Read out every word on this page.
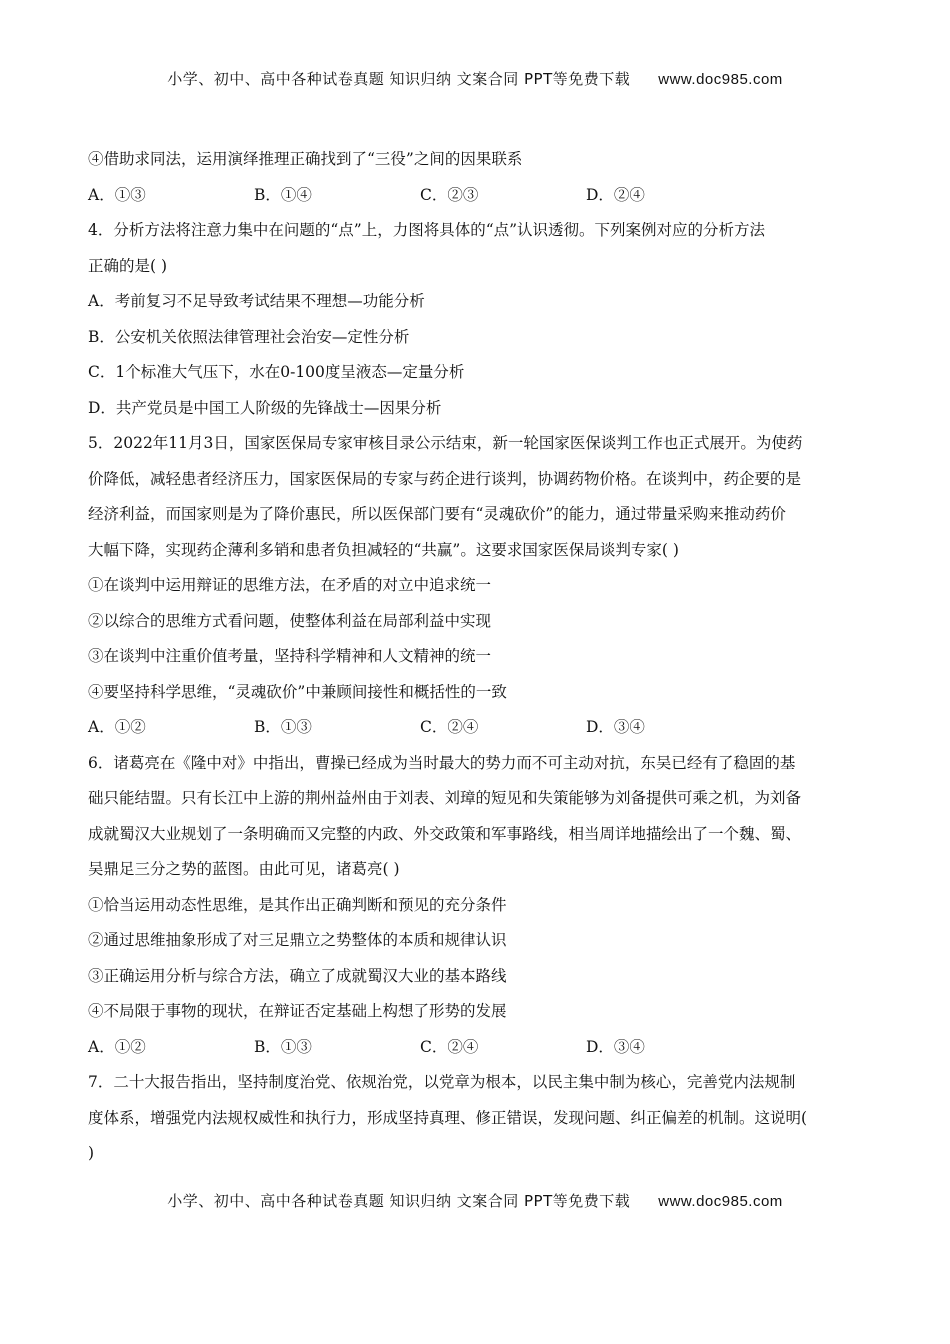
小学、初中、高中各种试卷真题 知识归纳 文案合同 PPT等免费下载 www.doc985.com
④借助求同法，运用演绎推理正确找到了“三役”之间的因果联系
A．①③	B．①④	C．②③	D．②④
4．分析方法将注意力集中在问题的“点”上，力图将具体的“点”认识透彻。下列案例对应的分析方法
正确的是( )
A．考前复习不足导致考试结果不理想—功能分析
B．公安机关依照法律管理社会治安—定性分析
C．1个标准大气压下，水在0-100度呈液态—定量分析
D．共产党员是中国工人阶级的先锋战士—因果分析
5．2022年11月3日，国家医保局专家审核目录公示结束，新一轮国家医保谈判工作也正式展开。为使药
价降低，减轻患者经济压力，国家医保局的专家与药企进行谈判，协调药物价格。在谈判中，药企要的是
经济利益，而国家则是为了降价惠民，所以医保部门要有“灵魂砍价”的能力，通过带量采购来推动药价
大幅下降，实现药企薄利多销和患者负担减轻的“共赢”。这要求国家医保局谈判专家( )
①在谈判中运用辩证的思维方法，在矛盾的对立中追求统一
②以综合的思维方式看问题，使整体利益在局部利益中实现
③在谈判中注重价值考量，坚持科学精神和人文精神的统一
④要坚持科学思维，“灵魂砍价”中兼顾间接性和概括性的一致
A．①②	B．①③	C．②④	D．③④
6．诸葛亮在《隆中对》中指出，曹操已经成为当时最大的势力而不可主动对抗，东吴已经有了稳固的基
础只能结盟。只有长江中上游的荆州益州由于刘表、刘璋的短见和失策能够为刘备提供可乘之机，为刘备
成就蜀汉大业规划了一条明确而又完整的内政、外交政策和军事路线，相当周详地描绘出了一个魏、蜀、
吴鼎足三分之势的蓝图。由此可见，诸葛亮( )
①恰当运用动态性思维，是其作出正确判断和预见的充分条件
②通过思维抽象形成了对三足鼎立之势整体的本质和规律认识
③正确运用分析与综合方法，确立了成就蜀汉大业的基本路线
④不局限于事物的现状，在辩证否定基础上构想了形势的发展
A．①②	B．①③	C．②④	D．③④
7．二十大报告指出，坚持制度治党、依规治党，以党章为根本，以民主集中制为核心，完善党内法规制
度体系，增强党内法规权威性和执行力，形成坚持真理、修正错误，发现问题、纠正偏差的机制。这说明(
)
小学、初中、高中各种试卷真题 知识归纳 文案合同 PPT等免费下载 www.doc985.com
